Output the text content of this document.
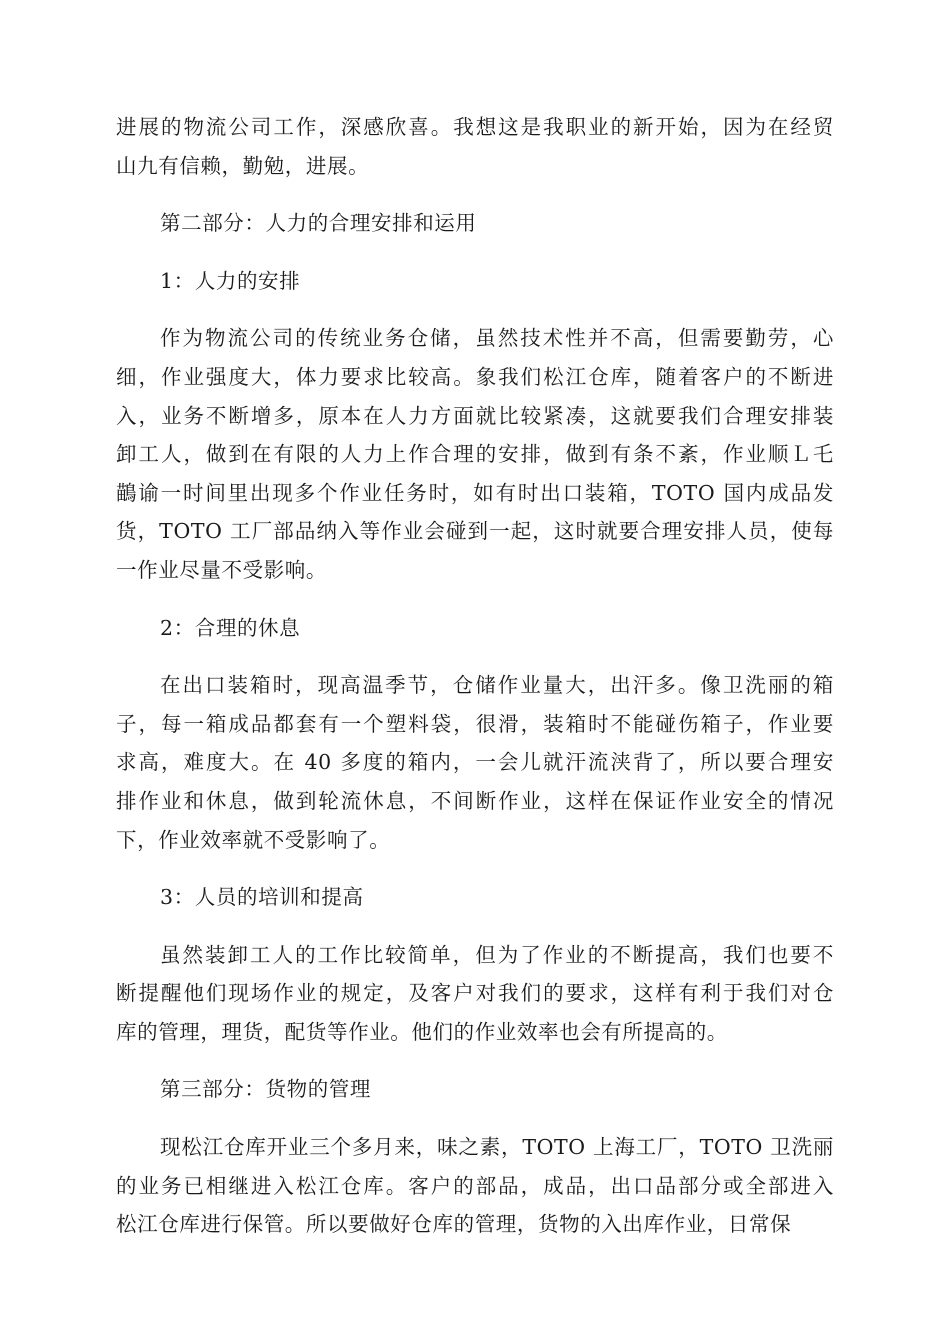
进展的物流公司工作，深感欣喜。我想这是我职业的新开始，因为在经贸
山九有信赖，勤勉，进展。
第二部分：人力的合理安排和运用
1：人力的安排
作为物流公司的传统业务仓储，虽然技术性并不高，但需要勤劳，心
细，作业强度大，体力要求比较高。象我们松江仓库，随着客户的不断进
入，业务不断增多，原本在人力方面就比较紧凑，这就要我们合理安排装
卸工人，做到在有限的人力上作合理的安排，做到有条不紊，作业顺Ｌ乇
鶓谕一时间里出现多个作业任务时，如有时出口装箱，TOTO 国内成品发
货，TOTO 工厂部品纳入等作业会碰到一起，这时就要合理安排人员，使每
一作业尽量不受影响。
2：合理的休息
在出口装箱时，现高温季节，仓储作业量大，出汗多。像卫洗丽的箱
子，每一箱成品都套有一个塑料袋，很滑，装箱时不能碰伤箱子，作业要
求高，难度大。在 40 多度的箱内，一会儿就汗流浃背了，所以要合理安
排作业和休息，做到轮流休息，不间断作业，这样在保证作业安全的情况
下，作业效率就不受影响了。
3：人员的培训和提高
虽然装卸工人的工作比较简单，但为了作业的不断提高，我们也要不
断提醒他们现场作业的规定，及客户对我们的要求，这样有利于我们对仓
库的管理，理货，配货等作业。他们的作业效率也会有所提高的。
第三部分：货物的管理
现松江仓库开业三个多月来，味之素，TOTO 上海工厂，TOTO 卫洗丽
的业务已相继进入松江仓库。客户的部品，成品，出口品部分或全部进入
松江仓库进行保管。所以要做好仓库的管理，货物的入出库作业，日常保
